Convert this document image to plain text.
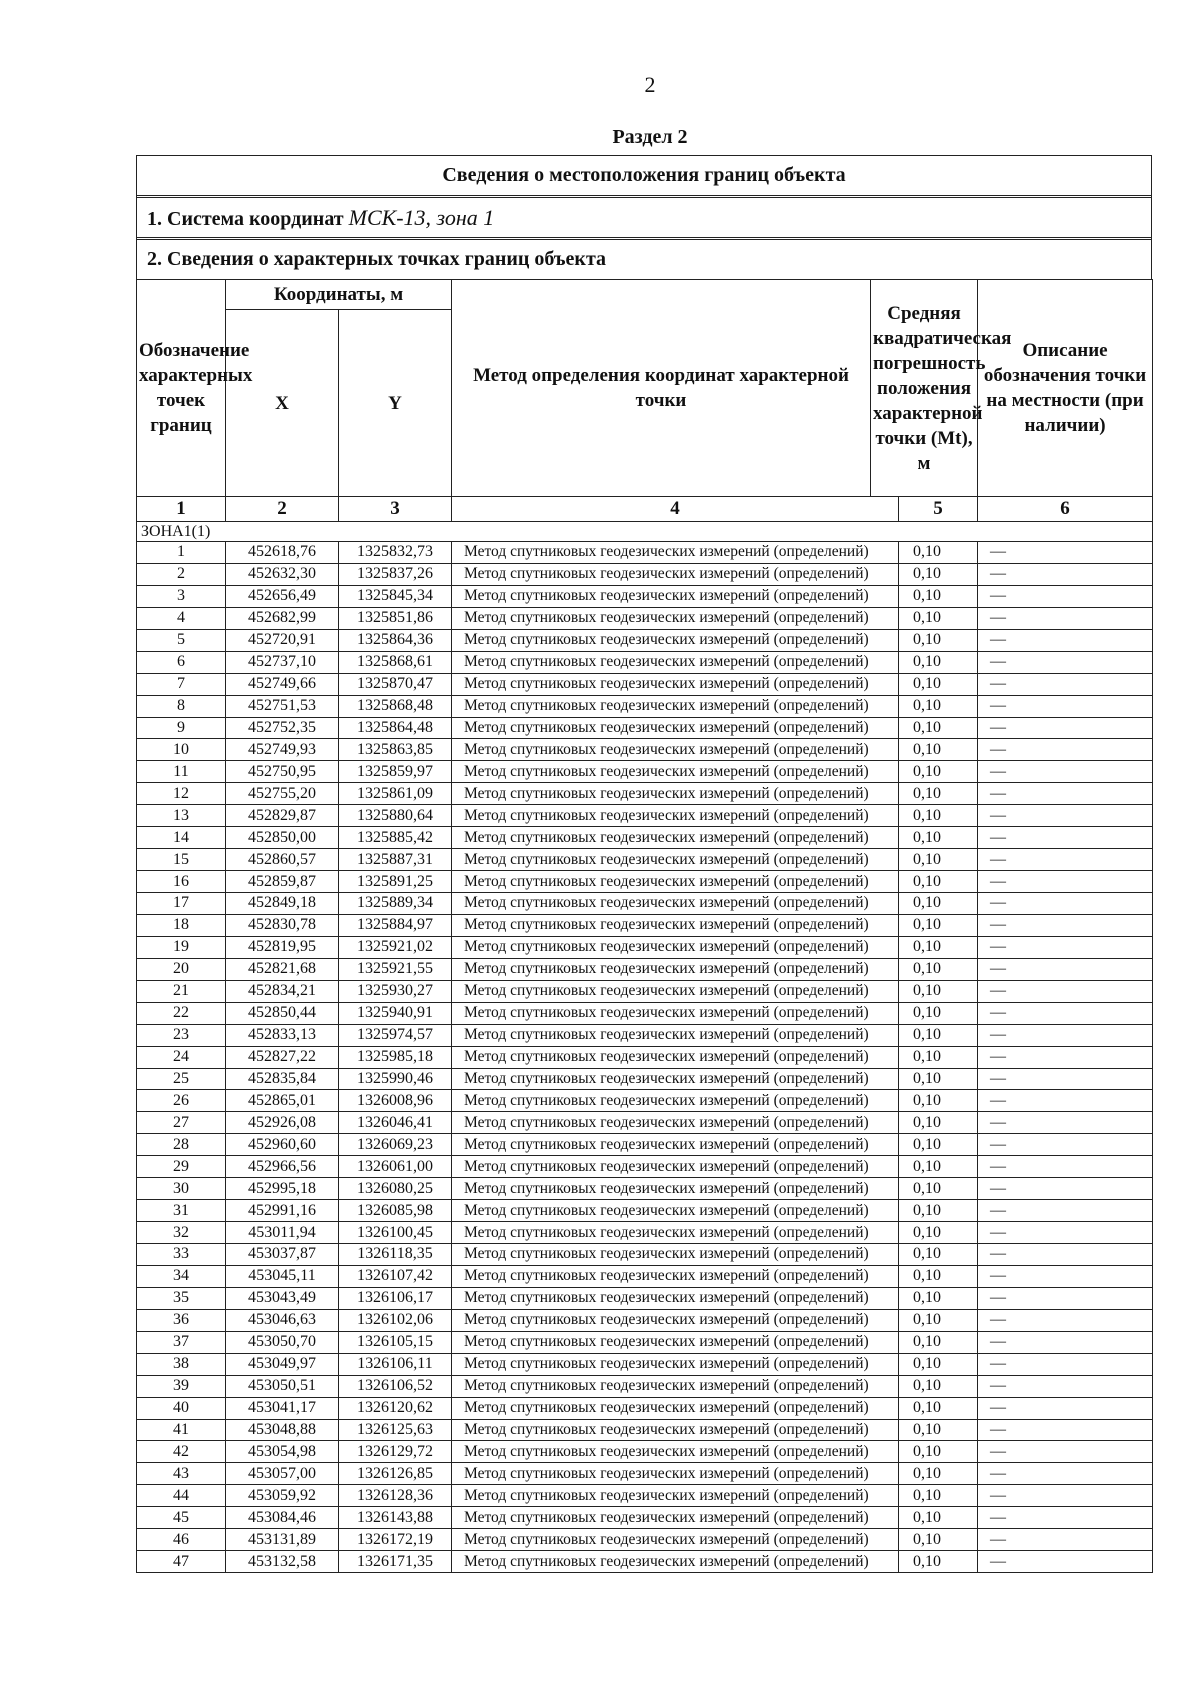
2
Раздел 2
Сведения о местоположения границ объекта
1. Система координат МСК-13, зона 1
2. Сведения о характерных точках границ объекта
Обозначение характерных точек границ	Координаты, м		Метод определения координат характерной точки	Средняя квадратическая погрешность положения характерной точки (Mt), м		Описание обозначения точки на местности (при наличии)
	X	Y				
1	2	3	4		5	6
ЗОНА1(1)						
1	452618,76	1325832,73	Метод спутниковых геодезических измерений (определений)		0,10	—
2	452632,30	1325837,26	Метод спутниковых геодезических измерений (определений)		0,10	—
3	452656,49	1325845,34	Метод спутниковых геодезических измерений (определений)		0,10	—
4	452682,99	1325851,86	Метод спутниковых геодезических измерений (определений)		0,10	—
5	452720,91	1325864,36	Метод спутниковых геодезических измерений (определений)		0,10	—
6	452737,10	1325868,61	Метод спутниковых геодезических измерений (определений)		0,10	—
7	452749,66	1325870,47	Метод спутниковых геодезических измерений (определений)		0,10	—
8	452751,53	1325868,48	Метод спутниковых геодезических измерений (определений)		0,10	—
9	452752,35	1325864,48	Метод спутниковых геодезических измерений (определений)		0,10	—
10	452749,93	1325863,85	Метод спутниковых геодезических измерений (определений)		0,10	—
11	452750,95	1325859,97	Метод спутниковых геодезических измерений (определений)		0,10	—
12	452755,20	1325861,09	Метод спутниковых геодезических измерений (определений)		0,10	—
13	452829,87	1325880,64	Метод спутниковых геодезических измерений (определений)		0,10	—
14	452850,00	1325885,42	Метод спутниковых геодезических измерений (определений)		0,10	—
15	452860,57	1325887,31	Метод спутниковых геодезических измерений (определений)		0,10	—
16	452859,87	1325891,25	Метод спутниковых геодезических измерений (определений)		0,10	—
17	452849,18	1325889,34	Метод спутниковых геодезических измерений (определений)		0,10	—
18	452830,78	1325884,97	Метод спутниковых геодезических измерений (определений)		0,10	—
19	452819,95	1325921,02	Метод спутниковых геодезических измерений (определений)		0,10	—
20	452821,68	1325921,55	Метод спутниковых геодезических измерений (определений)		0,10	—
21	452834,21	1325930,27	Метод спутниковых геодезических измерений (определений)		0,10	—
22	452850,44	1325940,91	Метод спутниковых геодезических измерений (определений)		0,10	—
23	452833,13	1325974,57	Метод спутниковых геодезических измерений (определений)		0,10	—
24	452827,22	1325985,18	Метод спутниковых геодезических измерений (определений)		0,10	—
25	452835,84	1325990,46	Метод спутниковых геодезических измерений (определений)		0,10	—
26	452865,01	1326008,96	Метод спутниковых геодезических измерений (определений)		0,10	—
27	452926,08	1326046,41	Метод спутниковых геодезических измерений (определений)		0,10	—
28	452960,60	1326069,23	Метод спутниковых геодезических измерений (определений)		0,10	—
29	452966,56	1326061,00	Метод спутниковых геодезических измерений (определений)		0,10	—
30	452995,18	1326080,25	Метод спутниковых геодезических измерений (определений)		0,10	—
31	452991,16	1326085,98	Метод спутниковых геодезических измерений (определений)		0,10	—
32	453011,94	1326100,45	Метод спутниковых геодезических измерений (определений)		0,10	—
33	453037,87	1326118,35	Метод спутниковых геодезических измерений (определений)		0,10	—
34	453045,11	1326107,42	Метод спутниковых геодезических измерений (определений)		0,10	—
35	453043,49	1326106,17	Метод спутниковых геодезических измерений (определений)		0,10	—
36	453046,63	1326102,06	Метод спутниковых геодезических измерений (определений)		0,10	—
37	453050,70	1326105,15	Метод спутниковых геодезических измерений (определений)		0,10	—
38	453049,97	1326106,11	Метод спутниковых геодезических измерений (определений)		0,10	—
39	453050,51	1326106,52	Метод спутниковых геодезических измерений (определений)		0,10	—
40	453041,17	1326120,62	Метод спутниковых геодезических измерений (определений)		0,10	—
41	453048,88	1326125,63	Метод спутниковых геодезических измерений (определений)		0,10	—
42	453054,98	1326129,72	Метод спутниковых геодезических измерений (определений)		0,10	—
43	453057,00	1326126,85	Метод спутниковых геодезических измерений (определений)		0,10	—
44	453059,92	1326128,36	Метод спутниковых геодезических измерений (определений)		0,10	—
45	453084,46	1326143,88	Метод спутниковых геодезических измерений (определений)		0,10	—
46	453131,89	1326172,19	Метод спутниковых геодезических измерений (определений)		0,10	—
47	453132,58	1326171,35	Метод спутниковых геодезических измерений (определений)		0,10	—
